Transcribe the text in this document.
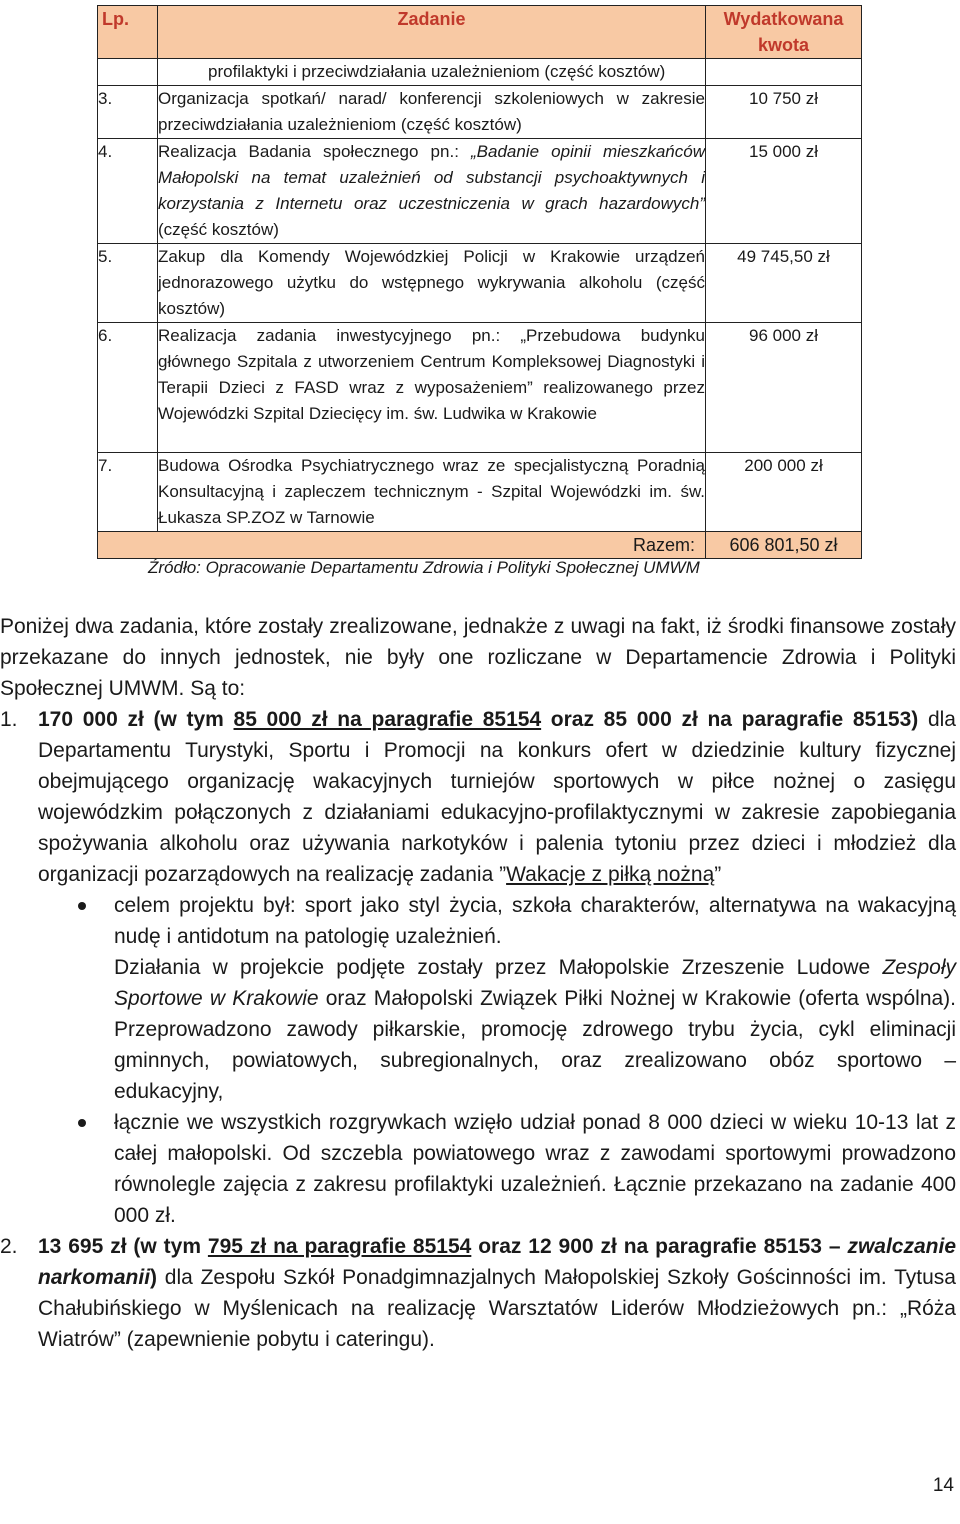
Lp.	Zadanie	Wydatkowana kwota
	profilaktyki i przeciwdziałania uzależnieniom (część kosztów)	
3.	Organizacja spotkań/ narad/ konferencji szkoleniowych w zakresie przeciwdziałania uzależnieniom (część kosztów)	10 750 zł
4.	Realizacja Badania społecznego pn.: „Badanie opinii mieszkańców Małopolski na temat uzależnień od substancji psychoaktywnych i korzystania z Internetu oraz uczestniczenia w grach hazardowych” (część kosztów)	15 000 zł
5.	Zakup dla Komendy Wojewódzkiej Policji w Krakowie urządzeń jednorazowego użytku do wstępnego wykrywania alkoholu (część kosztów)	49 745,50 zł
6.	Realizacja zadania inwestycyjnego pn.: „Przebudowa budynku głównego Szpitala z utworzeniem Centrum Kompleksowej Diagnostyki i Terapii Dzieci z FASD wraz z wyposażeniem” realizowanego przez Wojewódzki Szpital Dziecięcy im. św. Ludwika w Krakowie	96 000 zł
7.	Budowa Ośrodka Psychiatrycznego wraz ze specjalistyczną Poradnią Konsultacyjną i zapleczem technicznym - Szpital Wojewódzki im. św. Łukasza SP.ZOZ w Tarnowie	200 000 zł
	Razem:	606 801,50 zł
Źródło: Opracowanie Departamentu Zdrowia i Polityki Społecznej UMWM

Poniżej dwa zadania, które zostały zrealizowane, jednakże z uwagi na fakt, iż środki finansowe zostały przekazane do innych jednostek, nie były one rozliczane w Departamencie Zdrowia i Polityki Społecznej UMWM. Są to:

1. 170 000 zł (w tym 85 000 zł na paragrafie 85154 oraz 85 000 zł na paragrafie 85153) dla Departamentu Turystyki, Sportu i Promocji na konkurs ofert w dziedzinie kultury fizycznej obejmującego organizację wakacyjnych turniejów sportowych w piłce nożnej o zasięgu wojewódzkim połączonych z działaniami edukacyjno-profilaktycznymi w zakresie zapobiegania spożywania alkoholu oraz używania narkotyków i palenia tytoniu przez dzieci i młodzież dla organizacji pozarządowych na realizację zadania ”Wakacje z piłką nożną”
celem projektu był: sport jako styl życia, szkoła charakterów, alternatywa na wakacyjną nudę i antidotum na patologię uzależnień.

Działania w projekcie podjęte zostały przez Małopolskie Zrzeszenie Ludowe Zespoły Sportowe w Krakowie oraz Małopolski Związek Piłki Nożnej w Krakowie (oferta wspólna). Przeprowadzono zawody piłkarskie, promocję zdrowego trybu życia, cykl eliminacji gminnych, powiatowych, subregionalnych, oraz zrealizowano obóz sportowo – edukacyjny,

łącznie we wszystkich rozgrywkach wzięło udział ponad 8 000 dzieci w wieku 10-13 lat z całej małopolski. Od szczebla powiatowego wraz z zawodami sportowymi prowadzono równolegle zajęcia z zakresu profilaktyki uzależnień. Łącznie przekazano na zadanie 400 000 zł.
2. 13 695 zł (w tym 795 zł na paragrafie 85154 oraz 12 900 zł na paragrafie 85153 – zwalczanie narkomanii) dla Zespołu Szkół Ponadgimnazjalnych Małopolskiej Szkoły Gościnności im. Tytusa Chałubińskiego w Myślenicach na realizację Warsztatów Liderów Młodzieżowych pn.: „Róża Wiatrów” (zapewnienie pobytu i cateringu).
14
